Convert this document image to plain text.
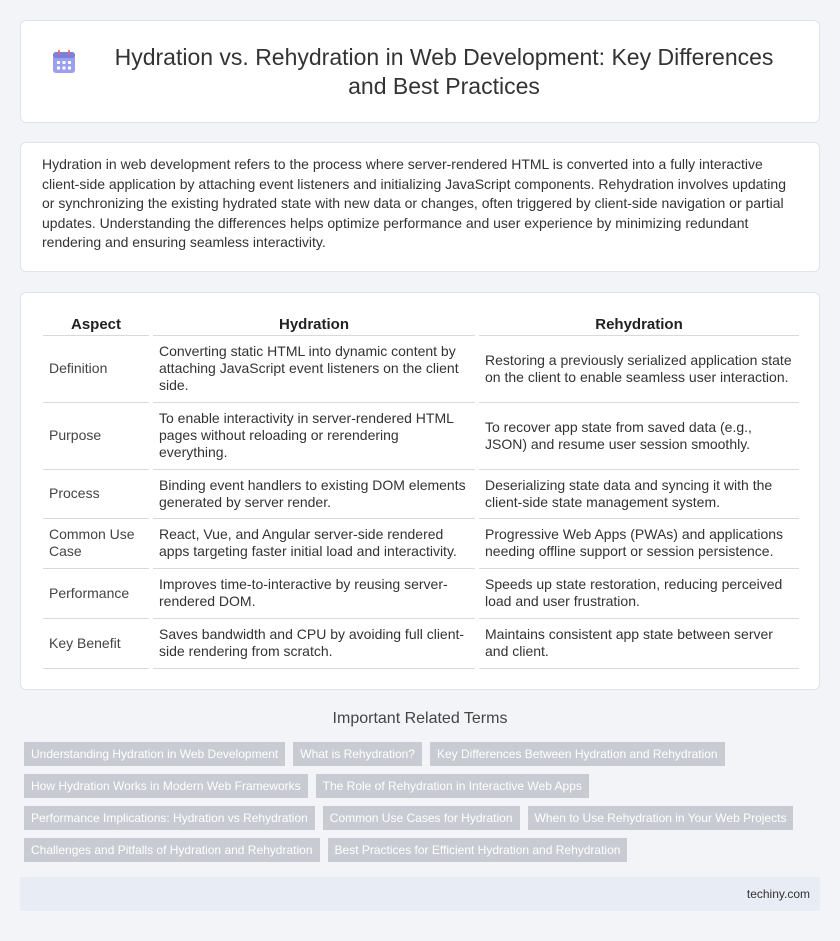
Hydration vs. Rehydration in Web Development: Key Differences and Best Practices

Hydration in web development refers to the process where server-rendered HTML is converted into a fully interactive client-side application by attaching event listeners and initializing JavaScript components. Rehydration involves updating or synchronizing the existing hydrated state with new data or changes, often triggered by client-side navigation or partial updates. Understanding the differences helps optimize performance and user experience by minimizing redundant rendering and ensuring seamless interactivity.

Aspect	Hydration	Rehydration
Definition	Converting static HTML into dynamic content by attaching JavaScript event listeners on the client side.	Restoring a previously serialized application state on the client to enable seamless user interaction.
Purpose	To enable interactivity in server-rendered HTML pages without reloading or rerendering everything.	To recover app state from saved data (e.g., JSON) and resume user session smoothly.
Process	Binding event handlers to existing DOM elements generated by server render.	Deserializing state data and syncing it with the client-side state management system.
Common Use Case	React, Vue, and Angular server-side rendered apps targeting faster initial load and interactivity.	Progressive Web Apps (PWAs) and applications needing offline support or session persistence.
Performance	Improves time-to-interactive by reusing server-rendered DOM.	Speeds up state restoration, reducing perceived load and user frustration.
Key Benefit	Saves bandwidth and CPU by avoiding full client-side rendering from scratch.	Maintains consistent app state between server and client.
Important Related Terms
Understanding Hydration in Web Development	What is Rehydration?	Key Differences Between Hydration and Rehydration
How Hydration Works in Modern Web Frameworks	The Role of Rehydration in Interactive Web Apps
Performance Implications: Hydration vs Rehydration	Common Use Cases for Hydration	When to Use Rehydration in Your Web Projects
Challenges and Pitfalls of Hydration and Rehydration	Best Practices for Efficient Hydration and Rehydration
techiny.com
